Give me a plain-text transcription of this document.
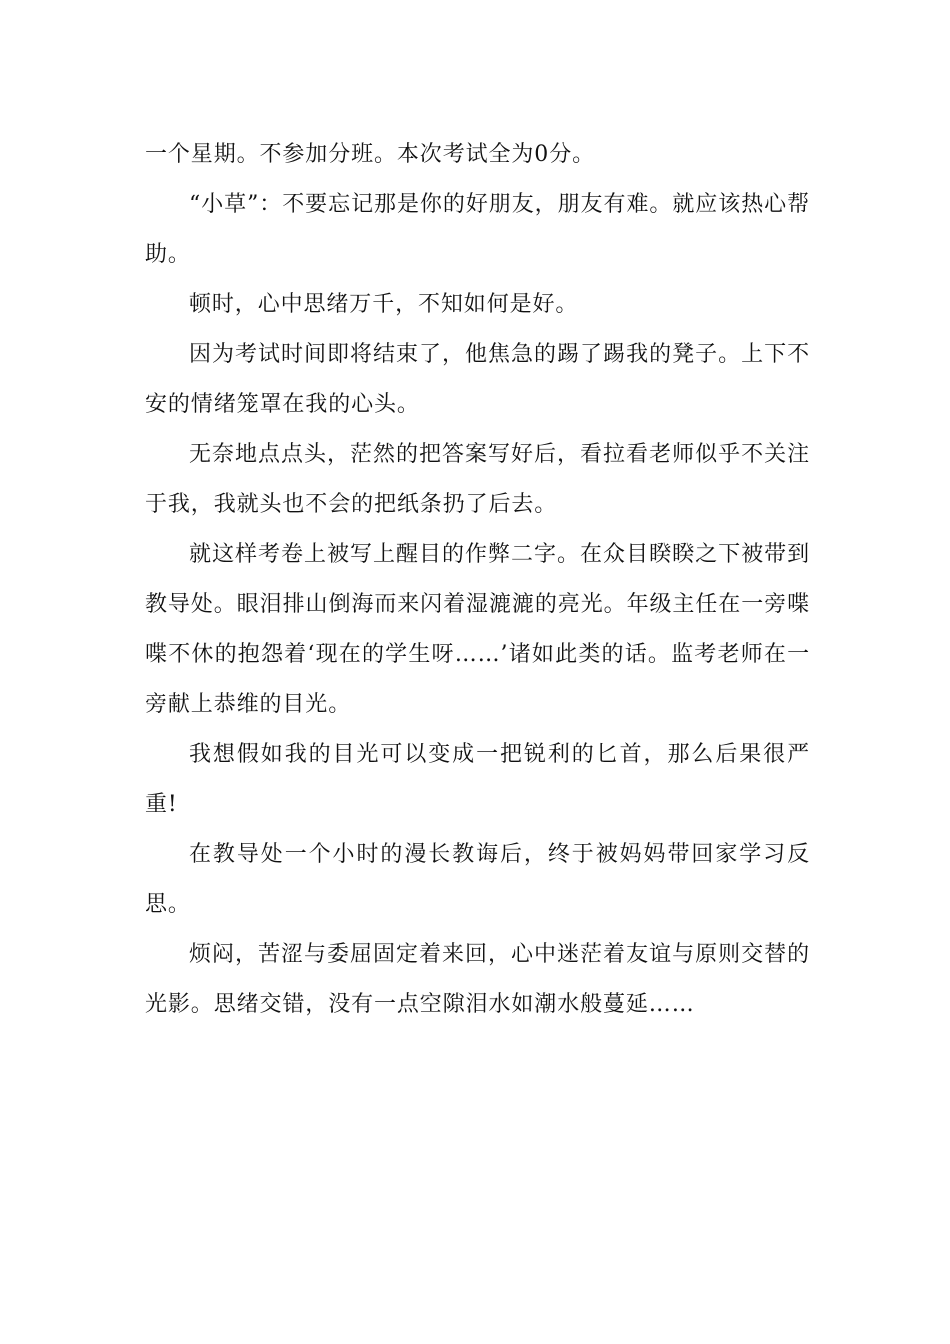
一个星期。不参加分班。本次考试全为0分。

“小草”：不要忘记那是你的好朋友，朋友有难。就应该热心帮助。

顿时，心中思绪万千，不知如何是好。

因为考试时间即将结束了，他焦急的踢了踢我的凳子。上下不安的情绪笼罩在我的心头。

无奈地点点头，茫然的把答案写好后，看拉看老师似乎不关注于我，我就头也不会的把纸条扔了后去。

就这样考卷上被写上醒目的作弊二字。在众目睽睽之下被带到教导处。眼泪排山倒海而来闪着湿漉漉的亮光。年级主任在一旁喋喋不休的抱怨着‘现在的学生呀……’诸如此类的话。监考老师在一旁献上恭维的目光。

我想假如我的目光可以变成一把锐利的匕首，那么后果很严重!

在教导处一个小时的漫长教诲后，终于被妈妈带回家学习反思。

烦闷，苦涩与委屈固定着来回，心中迷茫着友谊与原则交替的光影。思绪交错，没有一点空隙泪水如潮水般蔓延……
